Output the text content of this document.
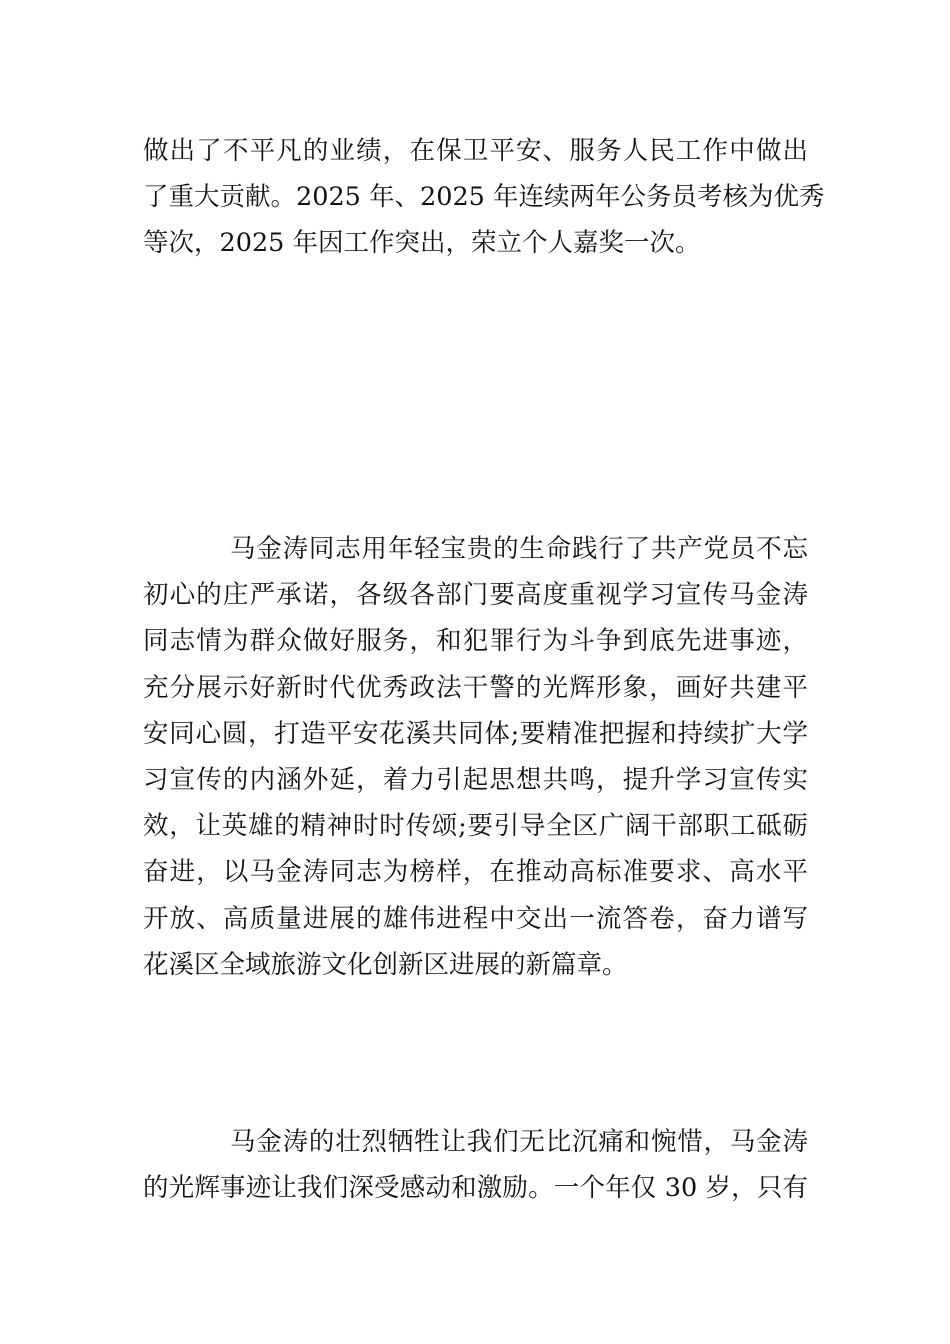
做出了不平凡的业绩，在保卫平安、服务人民工作中做出
了重大贡献。2025 年、2025 年连续两年公务员考核为优秀
等次，2025 年因工作突出，荣立个人嘉奖一次。
马金涛同志用年轻宝贵的生命践行了共产党员不忘
初心的庄严承诺，各级各部门要高度重视学习宣传马金涛
同志情为群众做好服务，和犯罪行为斗争到底先进事迹，
充分展示好新时代优秀政法干警的光辉形象，画好共建平
安同心圆，打造平安花溪共同体;要精准把握和持续扩大学
习宣传的内涵外延，着力引起思想共鸣，提升学习宣传实
效，让英雄的精神时时传颂;要引导全区广阔干部职工砥砺
奋进，以马金涛同志为榜样，在推动高标准要求、高水平
开放、高质量进展的雄伟进程中交出一流答卷，奋力谱写
花溪区全域旅游文化创新区进展的新篇章。
马金涛的壮烈牺牲让我们无比沉痛和惋惜，马金涛
的光辉事迹让我们深受感动和激励。一个年仅 30 岁，只有
